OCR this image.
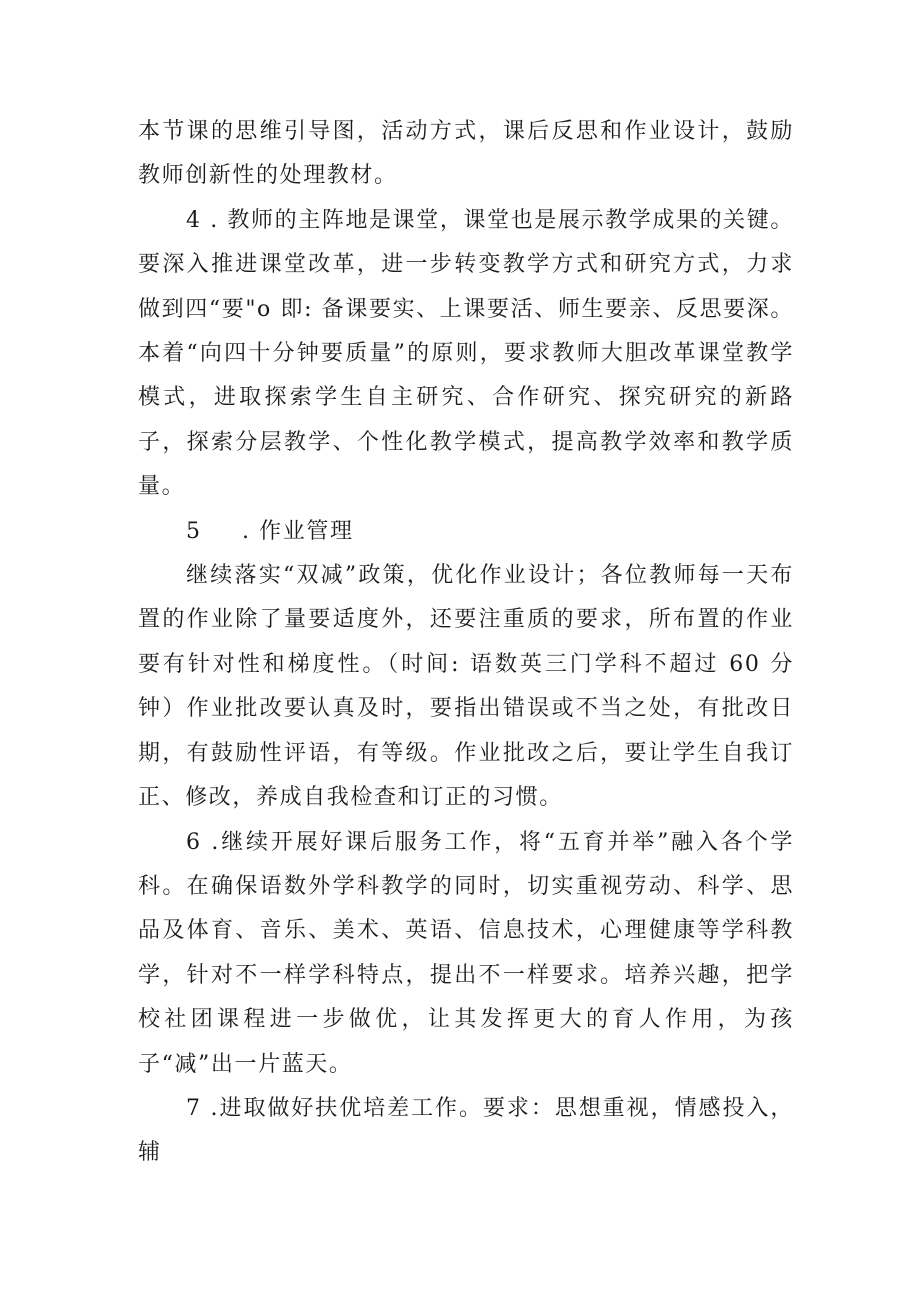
本节课的思维引导图，活动方式，课后反思和作业设计，鼓励教师创新性的处理教材。

4 . 教师的主阵地是课堂，课堂也是展示教学成果的关键。要深入推进课堂改革，进一步转变教学方式和研究方式，力求做到四“要"o 即: 备课要实、上课要活、师生要亲、反思要深。本着“向四十分钟要质量”的原则，要求教师大胆改革课堂教学模式，进取探索学生自主研究、合作研究、探究研究的新路子，探索分层教学、个性化教学模式，提高教学效率和教学质量。

5 . 作业管理

继续落实“双减”政策，优化作业设计；各位教师每一天布置的作业除了量要适度外，还要注重质的要求，所布置的作业要有针对性和梯度性。（时间: 语数英三门学科不超过 60 分钟）作业批改要认真及时，要指出错误或不当之处，有批改日期，有鼓励性评语，有等级。作业批改之后，要让学生自我订正、修改，养成自我检查和订正的习惯。

6 .继续开展好课后服务工作，将“五育并举”融入各个学科。在确保语数外学科教学的同时，切实重视劳动、科学、思品及体育、音乐、美术、英语、信息技术，心理健康等学科教学，针对不一样学科特点，提出不一样要求。培养兴趣，把学校社团课程进一步做优，让其发挥更大的育人作用，为孩子“减”出一片蓝天。

7 .进取做好扶优培差工作。要求：思想重视，情感投入，辅
